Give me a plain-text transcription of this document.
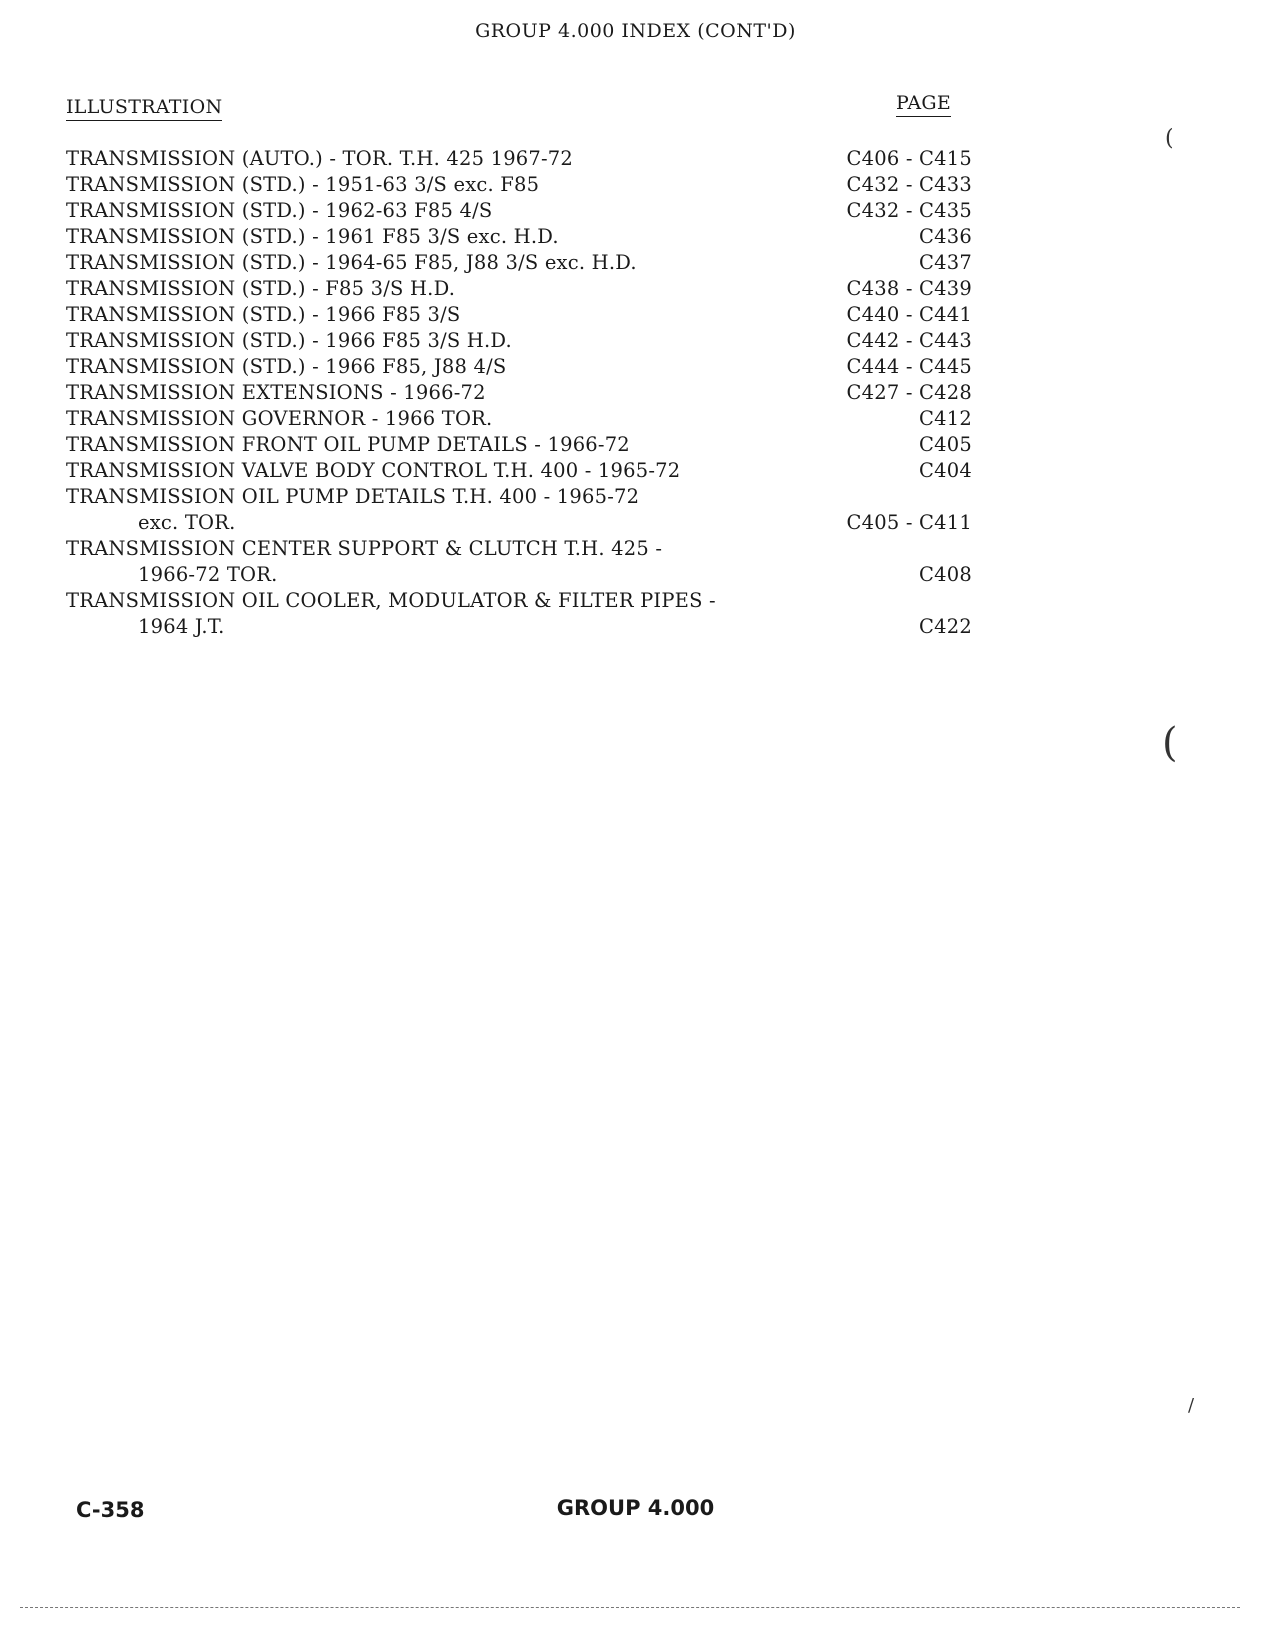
GROUP 4.000 INDEX (CONT'D)
ILLUSTRATION	PAGE
TRANSMISSION (AUTO.) - TOR. T.H. 425 1967-72	C406 - C415
TRANSMISSION (STD.) - 1951-63 3/S exc. F85	C432 - C433
TRANSMISSION (STD.) - 1962-63 F85 4/S	C432 - C435
TRANSMISSION (STD.) - 1961 F85 3/S exc. H.D.	C436
TRANSMISSION (STD.) - 1964-65 F85, J88 3/S exc. H.D.	C437
TRANSMISSION (STD.) - F85 3/S H.D.	C438 - C439
TRANSMISSION (STD.) - 1966 F85 3/S	C440 - C441
TRANSMISSION (STD.) - 1966 F85 3/S H.D.	C442 - C443
TRANSMISSION (STD.) - 1966 F85, J88 4/S	C444 - C445
TRANSMISSION EXTENSIONS - 1966-72	C427 - C428
TRANSMISSION GOVERNOR - 1966 TOR.	C412
TRANSMISSION FRONT OIL PUMP DETAILS - 1966-72	C405
TRANSMISSION VALVE BODY CONTROL T.H. 400 - 1965-72	C404
TRANSMISSION OIL PUMP DETAILS T.H. 400 - 1965-72
exc. TOR.	C405 - C411
TRANSMISSION CENTER SUPPORT & CLUTCH T.H. 425 -
1966-72 TOR.	C408
TRANSMISSION OIL COOLER, MODULATOR & FILTER PIPES -
1964 J.T.	C422
C-358	GROUP 4.000
(
(
/
